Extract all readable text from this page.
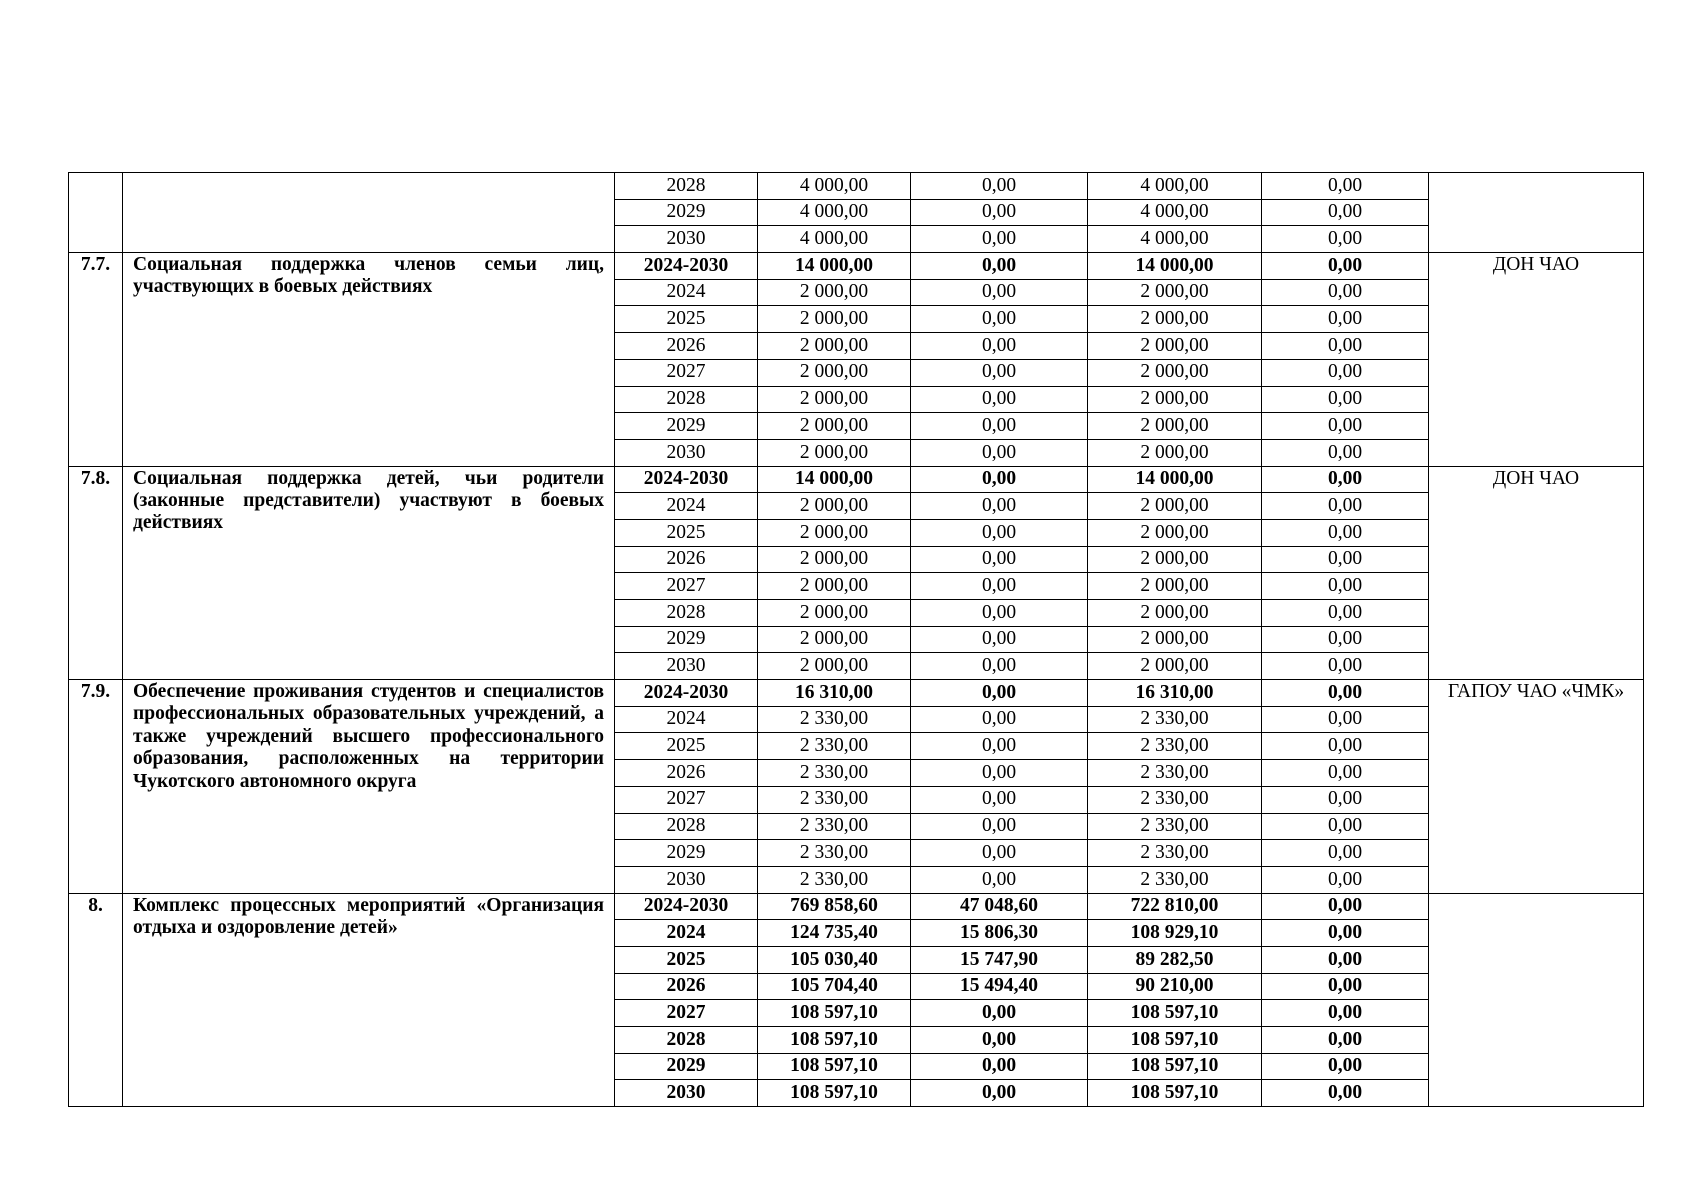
		2028	4 000,00	0,00	4 000,00	0,00	
		2029	4 000,00	0,00	4 000,00	0,00	
		2030	4 000,00	0,00	4 000,00	0,00	
7.7.	Социальная поддержка членов семьи лиц, участвующих в боевых действиях	2024-2030	14 000,00	0,00	14 000,00	0,00	ДОН ЧАО
		2024	2 000,00	0,00	2 000,00	0,00	
		2025	2 000,00	0,00	2 000,00	0,00	
		2026	2 000,00	0,00	2 000,00	0,00	
		2027	2 000,00	0,00	2 000,00	0,00	
		2028	2 000,00	0,00	2 000,00	0,00	
		2029	2 000,00	0,00	2 000,00	0,00	
		2030	2 000,00	0,00	2 000,00	0,00	
7.8.	Социальная поддержка детей, чьи родители (законные представители) участвуют в боевых действиях	2024-2030	14 000,00	0,00	14 000,00	0,00	ДОН ЧАО
		2024	2 000,00	0,00	2 000,00	0,00	
		2025	2 000,00	0,00	2 000,00	0,00	
		2026	2 000,00	0,00	2 000,00	0,00	
		2027	2 000,00	0,00	2 000,00	0,00	
		2028	2 000,00	0,00	2 000,00	0,00	
		2029	2 000,00	0,00	2 000,00	0,00	
		2030	2 000,00	0,00	2 000,00	0,00	
7.9.	Обеспечение проживания студентов и специалистов профессиональных образовательных учреждений, а также учреждений высшего профессионального образования, расположенных на территории Чукотского автономного округа	2024-2030	16 310,00	0,00	16 310,00	0,00	ГАПОУ ЧАО «ЧМК»
		2024	2 330,00	0,00	2 330,00	0,00	
		2025	2 330,00	0,00	2 330,00	0,00	
		2026	2 330,00	0,00	2 330,00	0,00	
		2027	2 330,00	0,00	2 330,00	0,00	
		2028	2 330,00	0,00	2 330,00	0,00	
		2029	2 330,00	0,00	2 330,00	0,00	
		2030	2 330,00	0,00	2 330,00	0,00	
8.	Комплекс процессных мероприятий «Организация отдыха и оздоровление детей»	2024-2030	769 858,60	47 048,60	722 810,00	0,00	
		2024	124 735,40	15 806,30	108 929,10	0,00	
		2025	105 030,40	15 747,90	89 282,50	0,00	
		2026	105 704,40	15 494,40	90 210,00	0,00	
		2027	108 597,10	0,00	108 597,10	0,00	
		2028	108 597,10	0,00	108 597,10	0,00	
		2029	108 597,10	0,00	108 597,10	0,00	
		2030	108 597,10	0,00	108 597,10	0,00	
